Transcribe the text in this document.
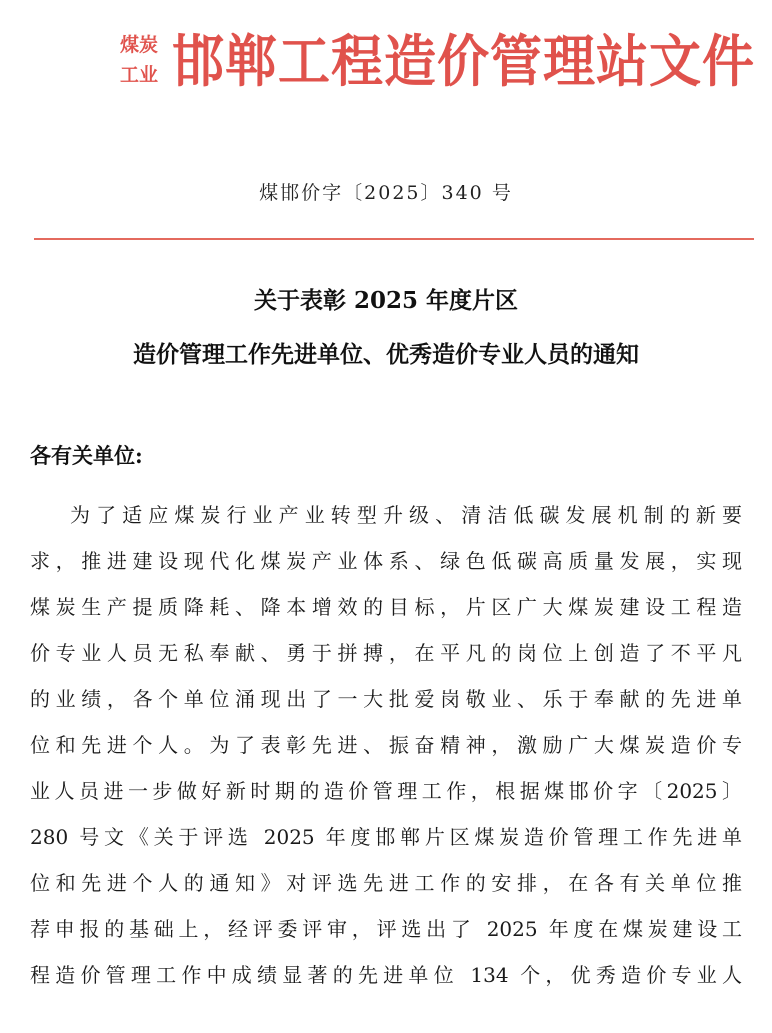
煤炭
工业 邯郸工程造价管理站文件
煤邯价字〔2025〕340 号
关于表彰 2025 年度片区
造价管理工作先进单位、优秀造价专业人员的通知
各有关单位:
为了适应煤炭行业产业转型升级、清洁低碳发展机制的新要
求，推进建设现代化煤炭产业体系、绿色低碳高质量发展，实现
煤炭生产提质降耗、降本增效的目标，片区广大煤炭建设工程造
价专业人员无私奉献、勇于拼搏，在平凡的岗位上创造了不平凡
的业绩，各个单位涌现出了一大批爱岗敬业、乐于奉献的先进单
位和先进个人。为了表彰先进、振奋精神，激励广大煤炭造价专
业人员进一步做好新时期的造价管理工作，根据煤邯价字〔2025〕
280 号文《关于评选 2025 年度邯郸片区煤炭造价管理工作先进单
位和先进个人的通知》对评选先进工作的安排，在各有关单位推
荐申报的基础上，经评委评审，评选出了 2025 年度在煤炭建设工
程造价管理工作中成绩显著的先进单位 134 个，优秀造价专业人
